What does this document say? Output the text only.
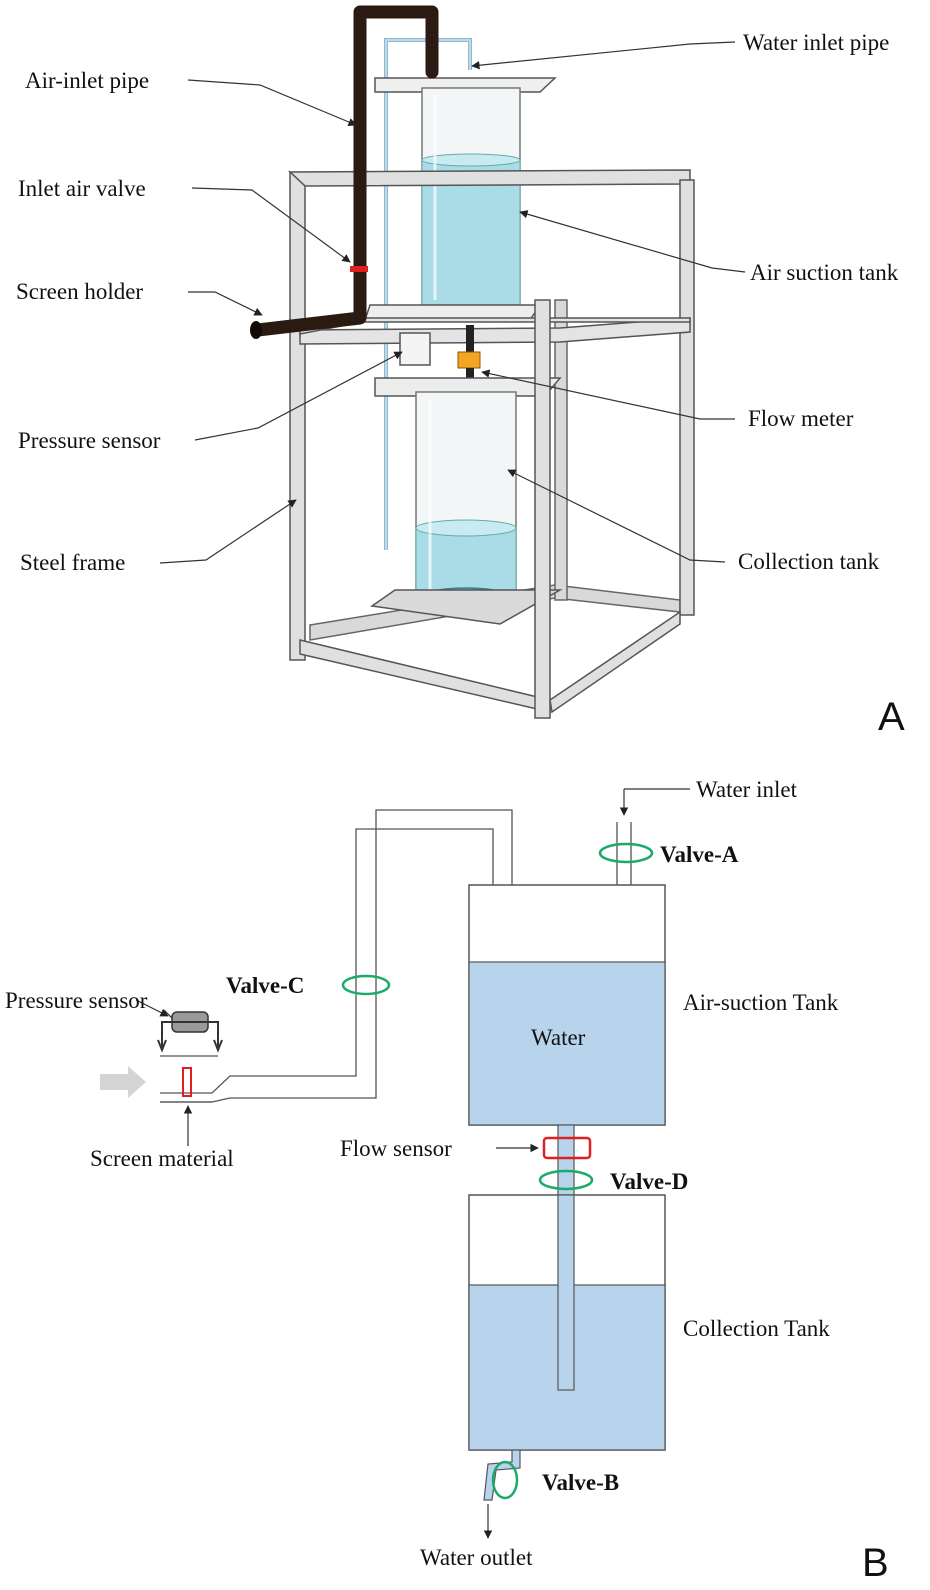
Air-inlet pipe
Inlet air valve
Screen holder
Pressure sensor
Steel frame
Water inlet pipe
Air suction tank
Flow meter
Collection tank
A
Water inlet
Valve-A
Valve-C
Pressure sensor
Screen material
Air-suction Tank
Water
Flow sensor
Valve-D
Collection Tank
Valve-B
Water outlet	B
